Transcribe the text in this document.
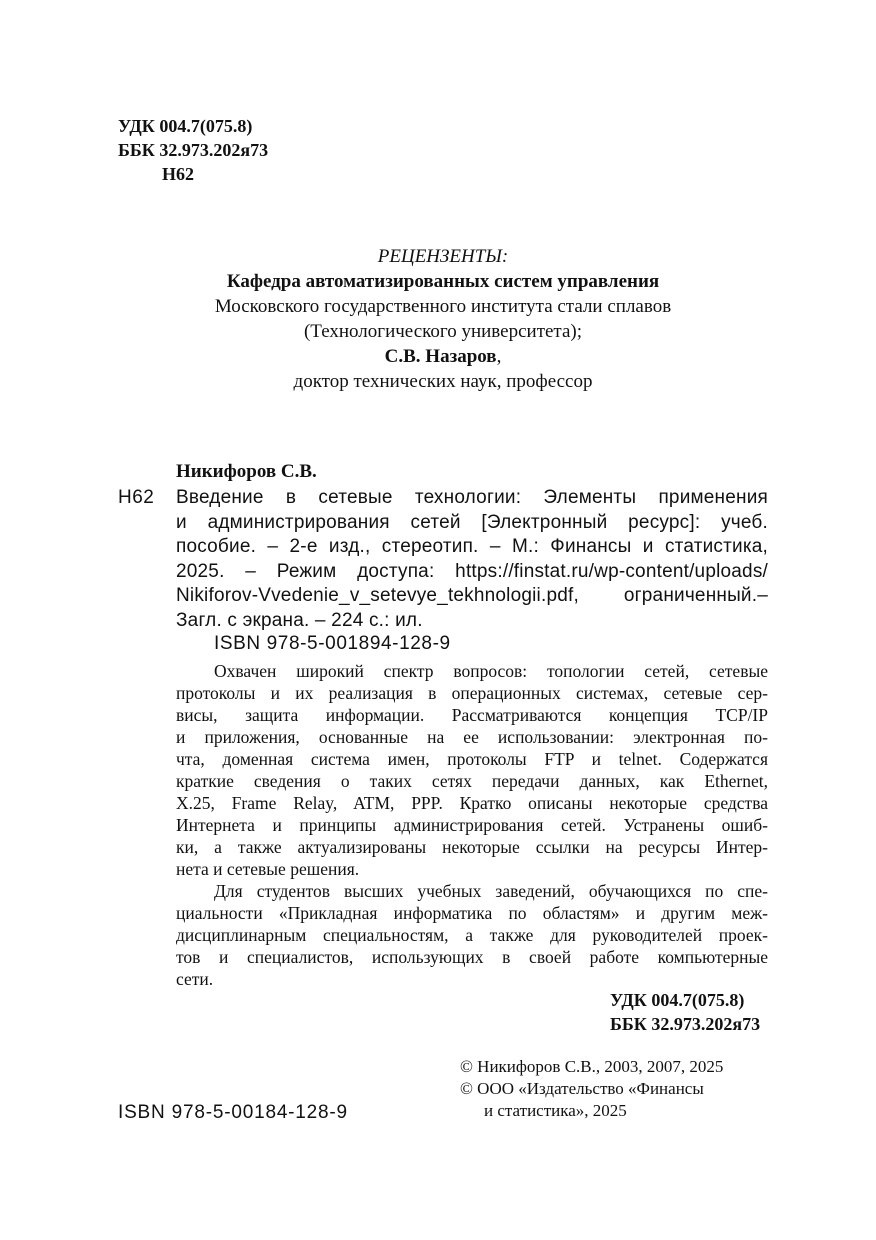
УДК 004.7(075.8)
ББК 32.973.202я73
Н62
РЕЦЕНЗЕНТЫ:
Кафедра автоматизированных систем управления
Московского государственного института стали сплавов
(Технологического университета);
С.В. Назаров,
доктор технических наук, профессор
Никифоров С.В.
Н62 Введение в сетевые технологии: Элементы применения
и администрирования сетей [Электронный ресурс]: учеб.
пособие. – 2-е изд., стереотип. – М.: Финансы и статистика,
2025. – Режим доступа: https://finstat.ru/wp-content/uploads/
Nikiforov-Vvedenie_v_setevye_tekhnologii.pdf, ограниченный.–
Загл. с экрана. – 224 с.: ил.
ISBN 978-5-001894-128-9
Охвачен широкий спектр вопросов: топологии сетей, сетевые
протоколы и их реализация в операционных системах, сетевые сер-
висы, защита информации. Рассматриваются концепция TCP/IP
и приложения, основанные на ее использовании: электронная по-
чта, доменная система имен, протоколы FTP и telnet. Содержатся
краткие сведения о таких сетях передачи данных, как Ethernet,
X.25, Frame Relay, ATM, PPP. Кратко описаны некоторые средства
Интернета и принципы администрирования сетей. Устранены ошиб-
ки, а также актуализированы некоторые ссылки на ресурсы Интер-
нета и сетевые решения.
Для студентов высших учебных заведений, обучающихся по спе-
циальности «Прикладная информатика по областям» и другим меж-
дисциплинарным специальностям, а также для руководителей проек-
тов и специалистов, использующих в своей работе компьютерные
сети.
УДК 004.7(075.8)
ББК 32.973.202я73
© Никифоров С.В., 2003, 2007, 2025
© ООО «Издательство «Финансы
и статистика», 2025
ISBN 978-5-00184-128-9
